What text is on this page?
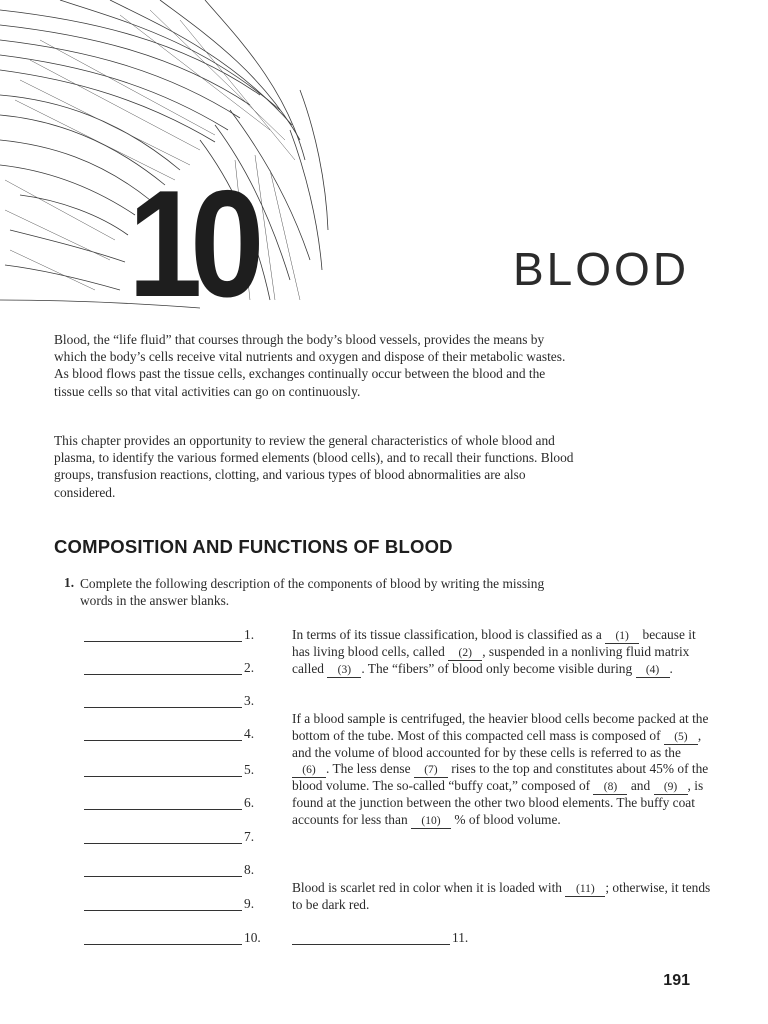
10	BLOOD

Blood, the “life fluid” that courses through the body’s blood vessels, provides the means by which the body’s cells receive vital nutrients and oxygen and dispose of their metabolic wastes. As blood flows past the tissue cells, exchanges continually occur between the blood and the tissue cells so that vital activities can go on continuously.

This chapter provides an opportunity to review the general characteristics of whole blood and plasma, to identify the various formed elements (blood cells), and to recall their functions. Blood groups, transfusion reactions, clotting, and various types of blood abnormalities are also considered.

COMPOSITION AND FUNCTIONS OF BLOOD
1. Complete the following description of the components of blood by writing the missing words in the answer blanks.

1.
2.
3.
4.
5.
6.
7.
8.
9.
10.	11.

In terms of its tissue classification, blood is classified as a (1) because it has living blood cells, called (2) , suspended in a nonliving fluid matrix called (3) . The “fibers” of blood only become visible during (4) .

If a blood sample is centrifuged, the heavier blood cells become packed at the bottom of the tube. Most of this compacted cell mass is composed of (5) , and the volume of blood accounted for by these cells is referred to as the (6) . The less dense (7) rises to the top and constitutes about 45% of the blood volume. The so-called “buffy coat,” composed of (8) and (9) , is found at the junction between the other two blood elements. The buffy coat accounts for less than (10) % of blood volume.

Blood is scarlet red in color when it is loaded with (11) ; otherwise, it tends to be dark red.

191
